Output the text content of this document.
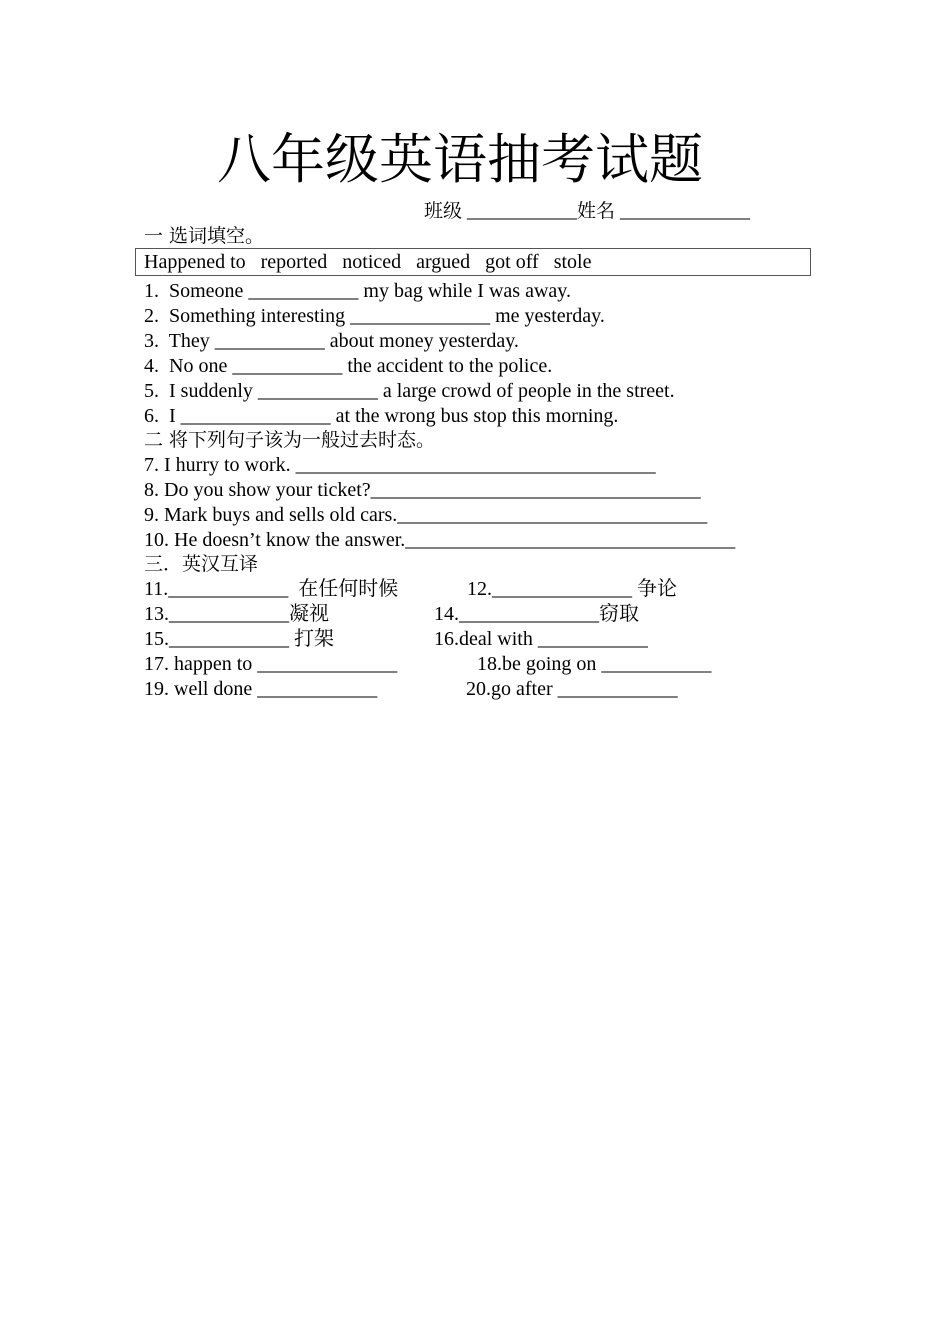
八年级英语抽考试题
班级 ___________姓名 _____________
一 选词填空。
Happened to   reported   noticed   argued   got off   stole
1.  Someone ___________ my bag while I was away.
2.  Something interesting ______________ me yesterday.
3.  They ___________ about money yesterday.
4.  No one ___________ the accident to the police.
5.  I suddenly ____________ a large crowd of people in the street.
6.  I _______________ at the wrong bus stop this morning.
二 将下列句子该为一般过去时态。
7. I hurry to work. ____________________________________
8. Do you show your ticket?_________________________________
9. Mark buys and sells old cars._______________________________
10. He doesn’t know the answer._________________________________
三．英汉互译
11.____________  在任何时候	12.______________ 争论
13.____________凝视	14.______________窃取
15.____________ 打架	16.deal with ___________
17. happen to ______________	18.be going on ___________
19. well done ____________	20.go after ____________
